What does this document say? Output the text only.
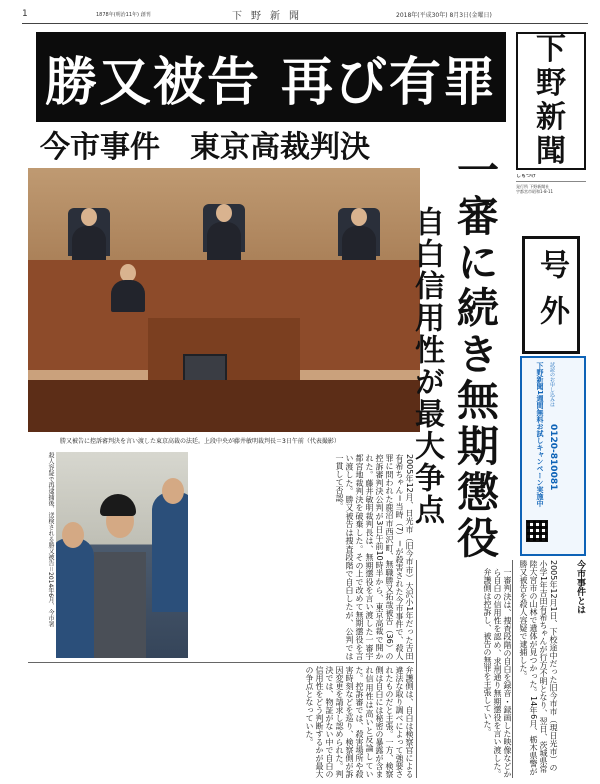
1	1878年(明治11年) 創刊	下野新聞	2018年(平成30年) 8月3日(金曜日)
勝又被告 再び有罪
今市事件　東京高裁判決
下
野
新
聞
しもつけ
発行所 下野新聞社
宇都宮市昭和1-8-11
号外
下野新聞1週間無料お試しキャンペーン実施中	試読のお申し込みは
0120-810081
勝又被告に控訴審判決を言い渡した東京高裁の法廷。上段中央が藤井敏明裁判長＝3日午前（代表撮影）	一審に続き無期懲役
自白信用性が最大争点
殺人容疑で再逮捕後、送検される勝又被告＝2014年6月、今市署	2005年12月、日光市（旧今市市）大沢小1年だった吉田有希ちゃん＝当時（7）＝が殺害された今市事件で、殺人罪に問われた鹿沼市西沢町、無職勝又拓哉被告（36）の控訴審判決公判が3日午前10時半から、東京高裁で開かれた。藤井敏明裁判長は、無期懲役を言い渡した一審宇都宮地裁判決を破棄した。その上で改めて無期懲役を言い渡した。勝又被告は捜査段階で自白したが、公判では一貫して否認。
弁護側は、自白は検察官による違法な取り調べによって強要されたものだと主張。一方、検察側は自白には秘密の暴露が含まれ信用性は高いと反論していた。控訴審では、殺害場所や殺害時刻などを巡り、検察側が訴因変更を請求し認められた。判決では、物証がない中で自白の信用性をどう判断するかが最大の争点となっていた。	一審判決は、捜査段階の自白を録音・録画した映像などから自白の信用性を認め、求刑通り無期懲役を言い渡した。弁護側は控訴し、被告の無罪を主張していた。	今市事件とは
2005年12月1日、下校途中だった旧今市市（現日光市）の小学1年吉田有希ちゃんが行方不明となり、翌日、茨城県常陸大宮市の山林で遺体が見つかった。14年6月、栃木県警が勝又被告を殺人容疑で逮捕した。
